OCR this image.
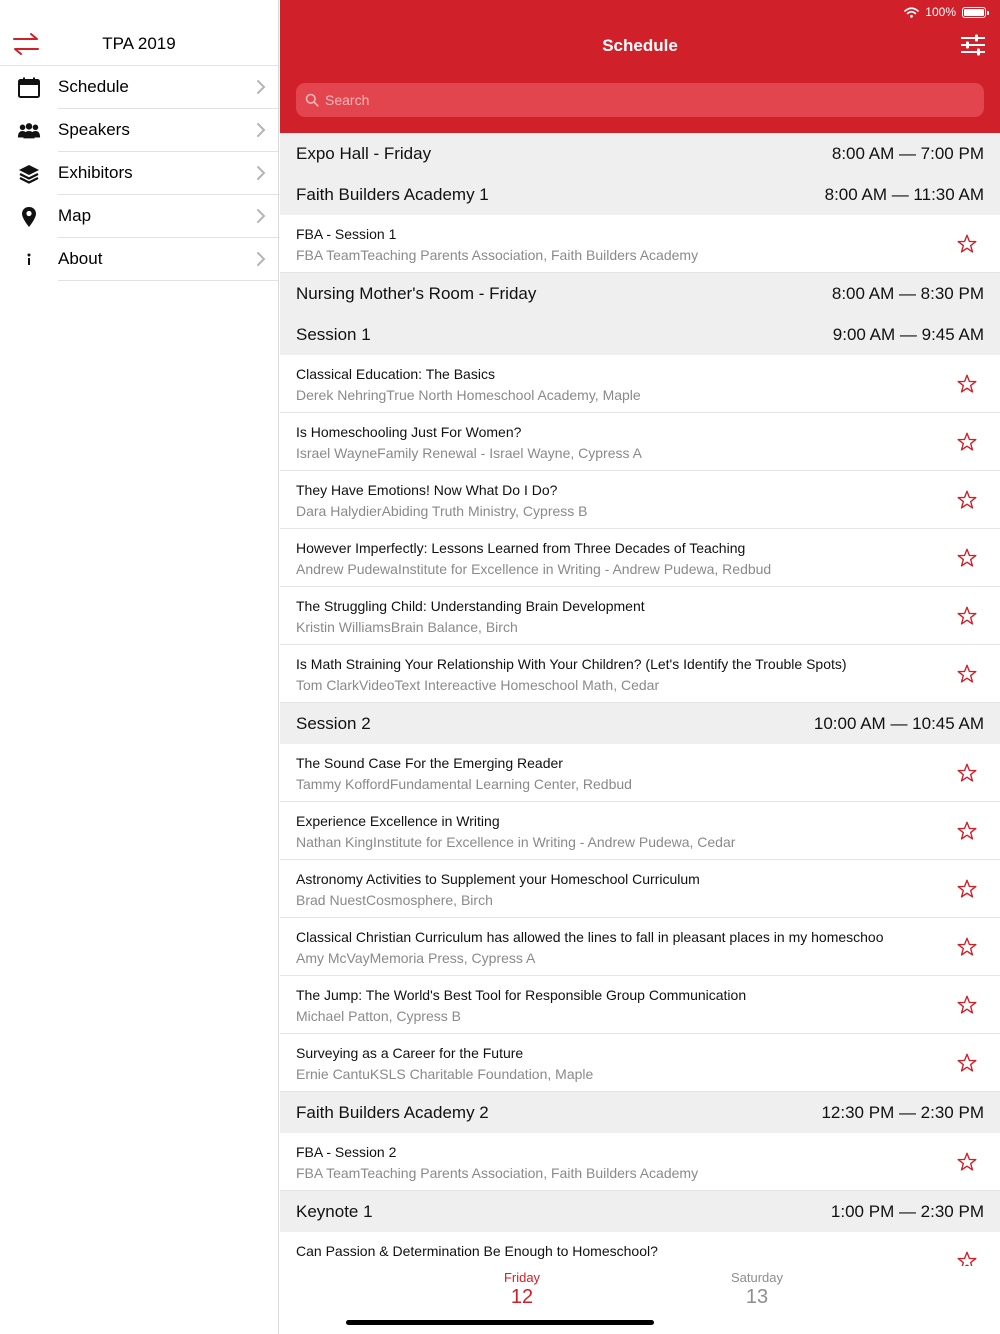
TPA 2019
Schedule
Speakers
Exhibitors
Map
About
100%
Schedule
Search
Expo Hall - Friday	8:00 AM — 7:00 PM
Faith Builders Academy 1	8:00 AM — 11:30 AM
FBA - Session 1
FBA TeamTeaching Parents Association, Faith Builders Academy
Nursing Mother's Room - Friday	8:00 AM — 8:30 PM
Session 1	9:00 AM — 9:45 AM
Classical Education: The Basics
Derek NehringTrue North Homeschool Academy, Maple
Is Homeschooling Just For Women?
Israel WayneFamily Renewal - Israel Wayne, Cypress A
They Have Emotions! Now What Do I Do?
Dara HalydierAbiding Truth Ministry, Cypress B
However Imperfectly: Lessons Learned from Three Decades of Teaching
Andrew PudewaInstitute for Excellence in Writing - Andrew Pudewa, Redbud
The Struggling Child: Understanding Brain Development
Kristin WilliamsBrain Balance, Birch
Is Math Straining Your Relationship With Your Children? (Let's Identify the Trouble Spots)
Tom ClarkVideoText Intereactive Homeschool Math, Cedar
Session 2	10:00 AM — 10:45 AM
The Sound Case For the Emerging Reader
Tammy KoffordFundamental Learning Center, Redbud
Experience Excellence in Writing
Nathan KingInstitute for Excellence in Writing - Andrew Pudewa, Cedar
Astronomy Activities to Supplement your Homeschool Curriculum
Brad NuestCosmosphere, Birch
Classical Christian Curriculum has allowed the lines to fall in pleasant places in my homeschoo
Amy McVayMemoria Press, Cypress A
The Jump: The World's Best Tool for Responsible Group Communication
Michael Patton, Cypress B
Surveying as a Career for the Future
Ernie CantuKSLS Charitable Foundation, Maple
Faith Builders Academy 2	12:30 PM — 2:30 PM
FBA - Session 2
FBA TeamTeaching Parents Association, Faith Builders Academy
Keynote 1	1:00 PM — 2:30 PM
Can Passion & Determination Be Enough to Homeschool?
Friday
12
Saturday
13
